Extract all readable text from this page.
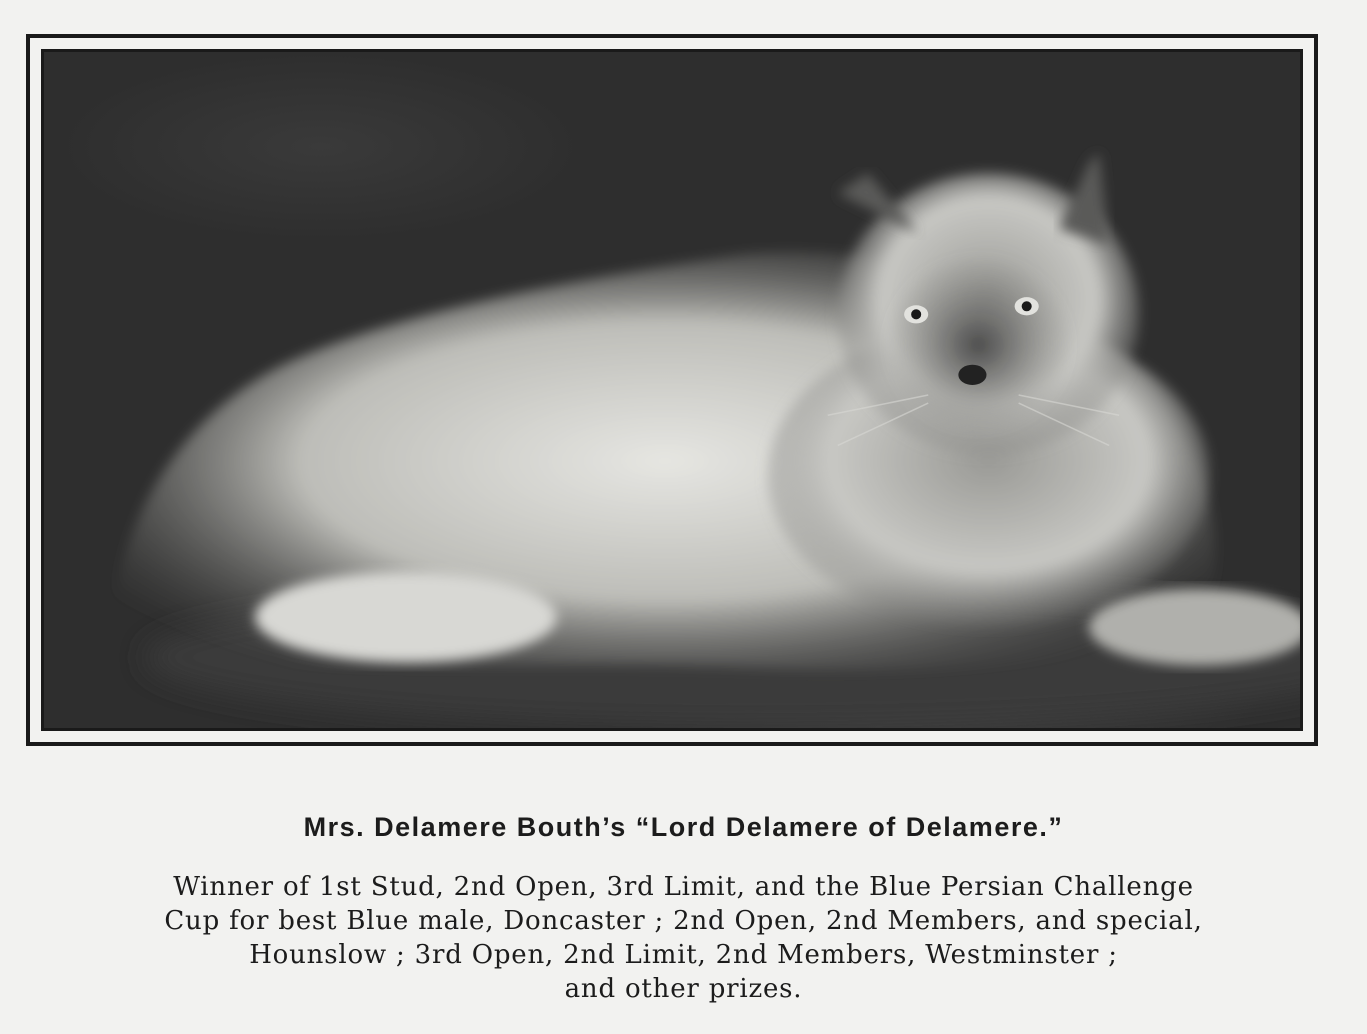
Mrs. Delamere Bouth’s “Lord Delamere of Delamere.”

Winner of 1st Stud, 2nd Open, 3rd Limit, and the Blue Persian Challenge
Cup for best Blue male, Doncaster ; 2nd Open, 2nd Members, and special,
Hounslow ; 3rd Open, 2nd Limit, 2nd Members, Westminster ;
and other prizes.
